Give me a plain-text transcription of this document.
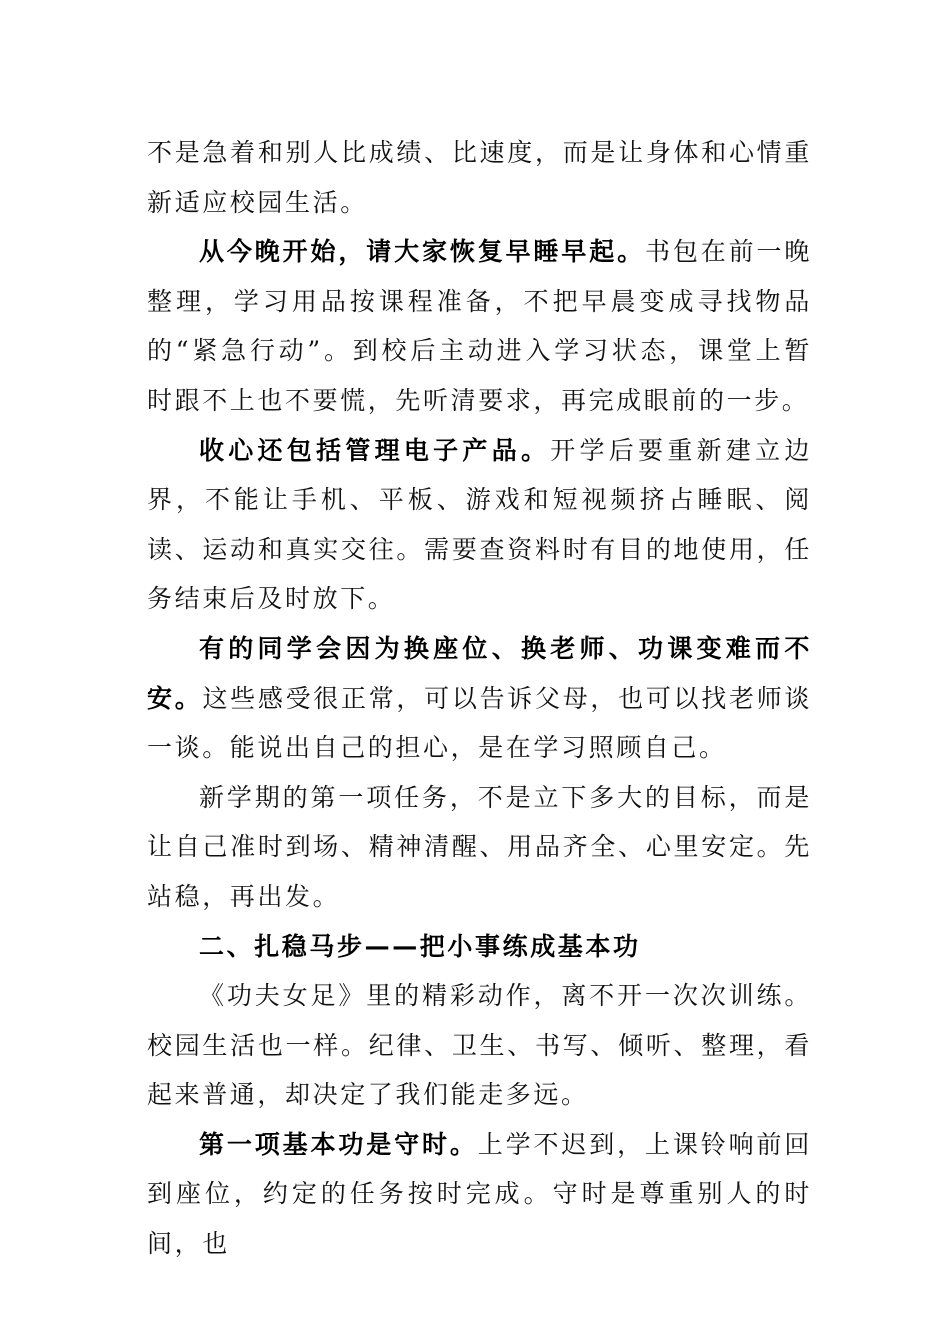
不是急着和别人比成绩、比速度，而是让身体和心情重新适应校园生活。

从今晚开始，请大家恢复早睡早起。书包在前一晚整理，学习用品按课程准备，不把早晨变成寻找物品的“紧急行动”。到校后主动进入学习状态，课堂上暂时跟不上也不要慌，先听清要求，再完成眼前的一步。

收心还包括管理电子产品。开学后要重新建立边界，不能让手机、平板、游戏和短视频挤占睡眠、阅读、运动和真实交往。需要查资料时有目的地使用，任务结束后及时放下。

有的同学会因为换座位、换老师、功课变难而不安。这些感受很正常，可以告诉父母，也可以找老师谈一谈。能说出自己的担心，是在学习照顾自己。

新学期的第一项任务，不是立下多大的目标，而是让自己准时到场、精神清醒、用品齐全、心里安定。先站稳，再出发。

二、扎稳马步——把小事练成基本功

《功夫女足》里的精彩动作，离不开一次次训练。校园生活也一样。纪律、卫生、书写、倾听、整理，看起来普通，却决定了我们能走多远。

第一项基本功是守时。上学不迟到，上课铃响前回到座位，约定的任务按时完成。守时是尊重别人的时间，也
